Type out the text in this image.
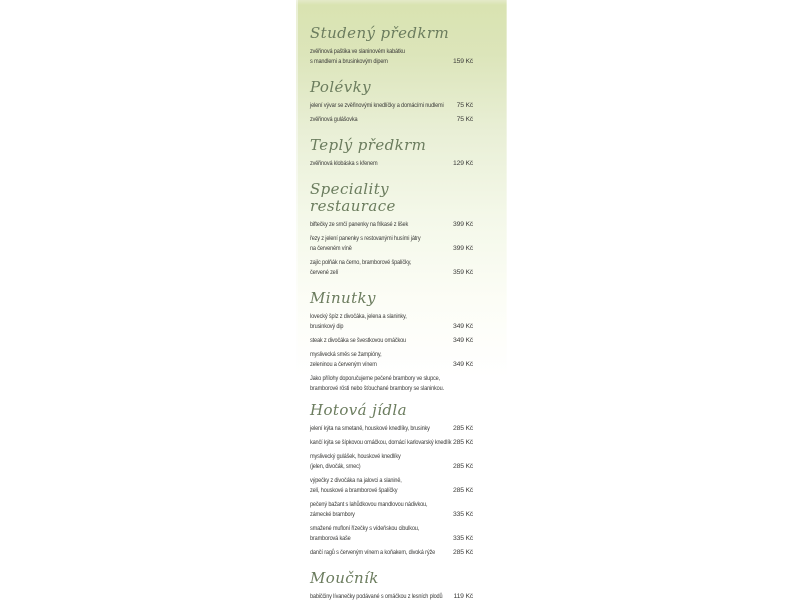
Studený předkrm
zvěřinová paštika ve slaninovém kabátku
s mandlemi a brusinkovým dipem	159 Kč
Polévky
jelení vývar se zvěřinovými knedlíčky a domácími nudlemi	75 Kč
zvěřinová gulášovka	75 Kč
Teplý předkrm
zvěřinová klobáska s křenem	129 Kč
Speciality restaurace
biftečky ze srnčí panenky na frikasé z lišek	399 Kč
řezy z jelení panenky s restovanými husími játry
na červeném víně	399 Kč
zajíc polňák na černo, bramborové špalíčky,
červené zelí	359 Kč
Minutky
lovecký špíz z divočáka, jelena a slaninky,
brusinkový dip	349 Kč
steak z divočáka se švestkovou omáčkou	349 Kč
myslivecká směs se žampióny,
zeleninou a červeným vínem	349 Kč
Jako přílohy doporučujeme pečené brambory ve slupce,
bramborové rösti nebo šťouchané brambory se slaninkou.
Hotová jídla
jelení kýta na smetaně, houskové knedlíky, brusinky	285 Kč
kančí kýta se šípkovou omáčkou, domácí karlovarský knedlík 285 Kč
myslivecký gulášek, houskové knedlíky
(jelen, divočák, srnec)	285 Kč
výpečky z divočáka na jalovci a slanině,
zelí, houskové a bramborové špalíčky	285 Kč
pečený bažant s lahůdkovou mandlovou nádivkou,
zámecké brambory	335 Kč
smažené mufloní řízečky s vídeňskou cibulkou,
bramborová kaše	335 Kč
dančí ragů s červeným vínem a koňakem, divoká rýže	285 Kč
Moučník
babiččiny lívanečky podávané s omáčkou z lesních plodů	119 Kč
